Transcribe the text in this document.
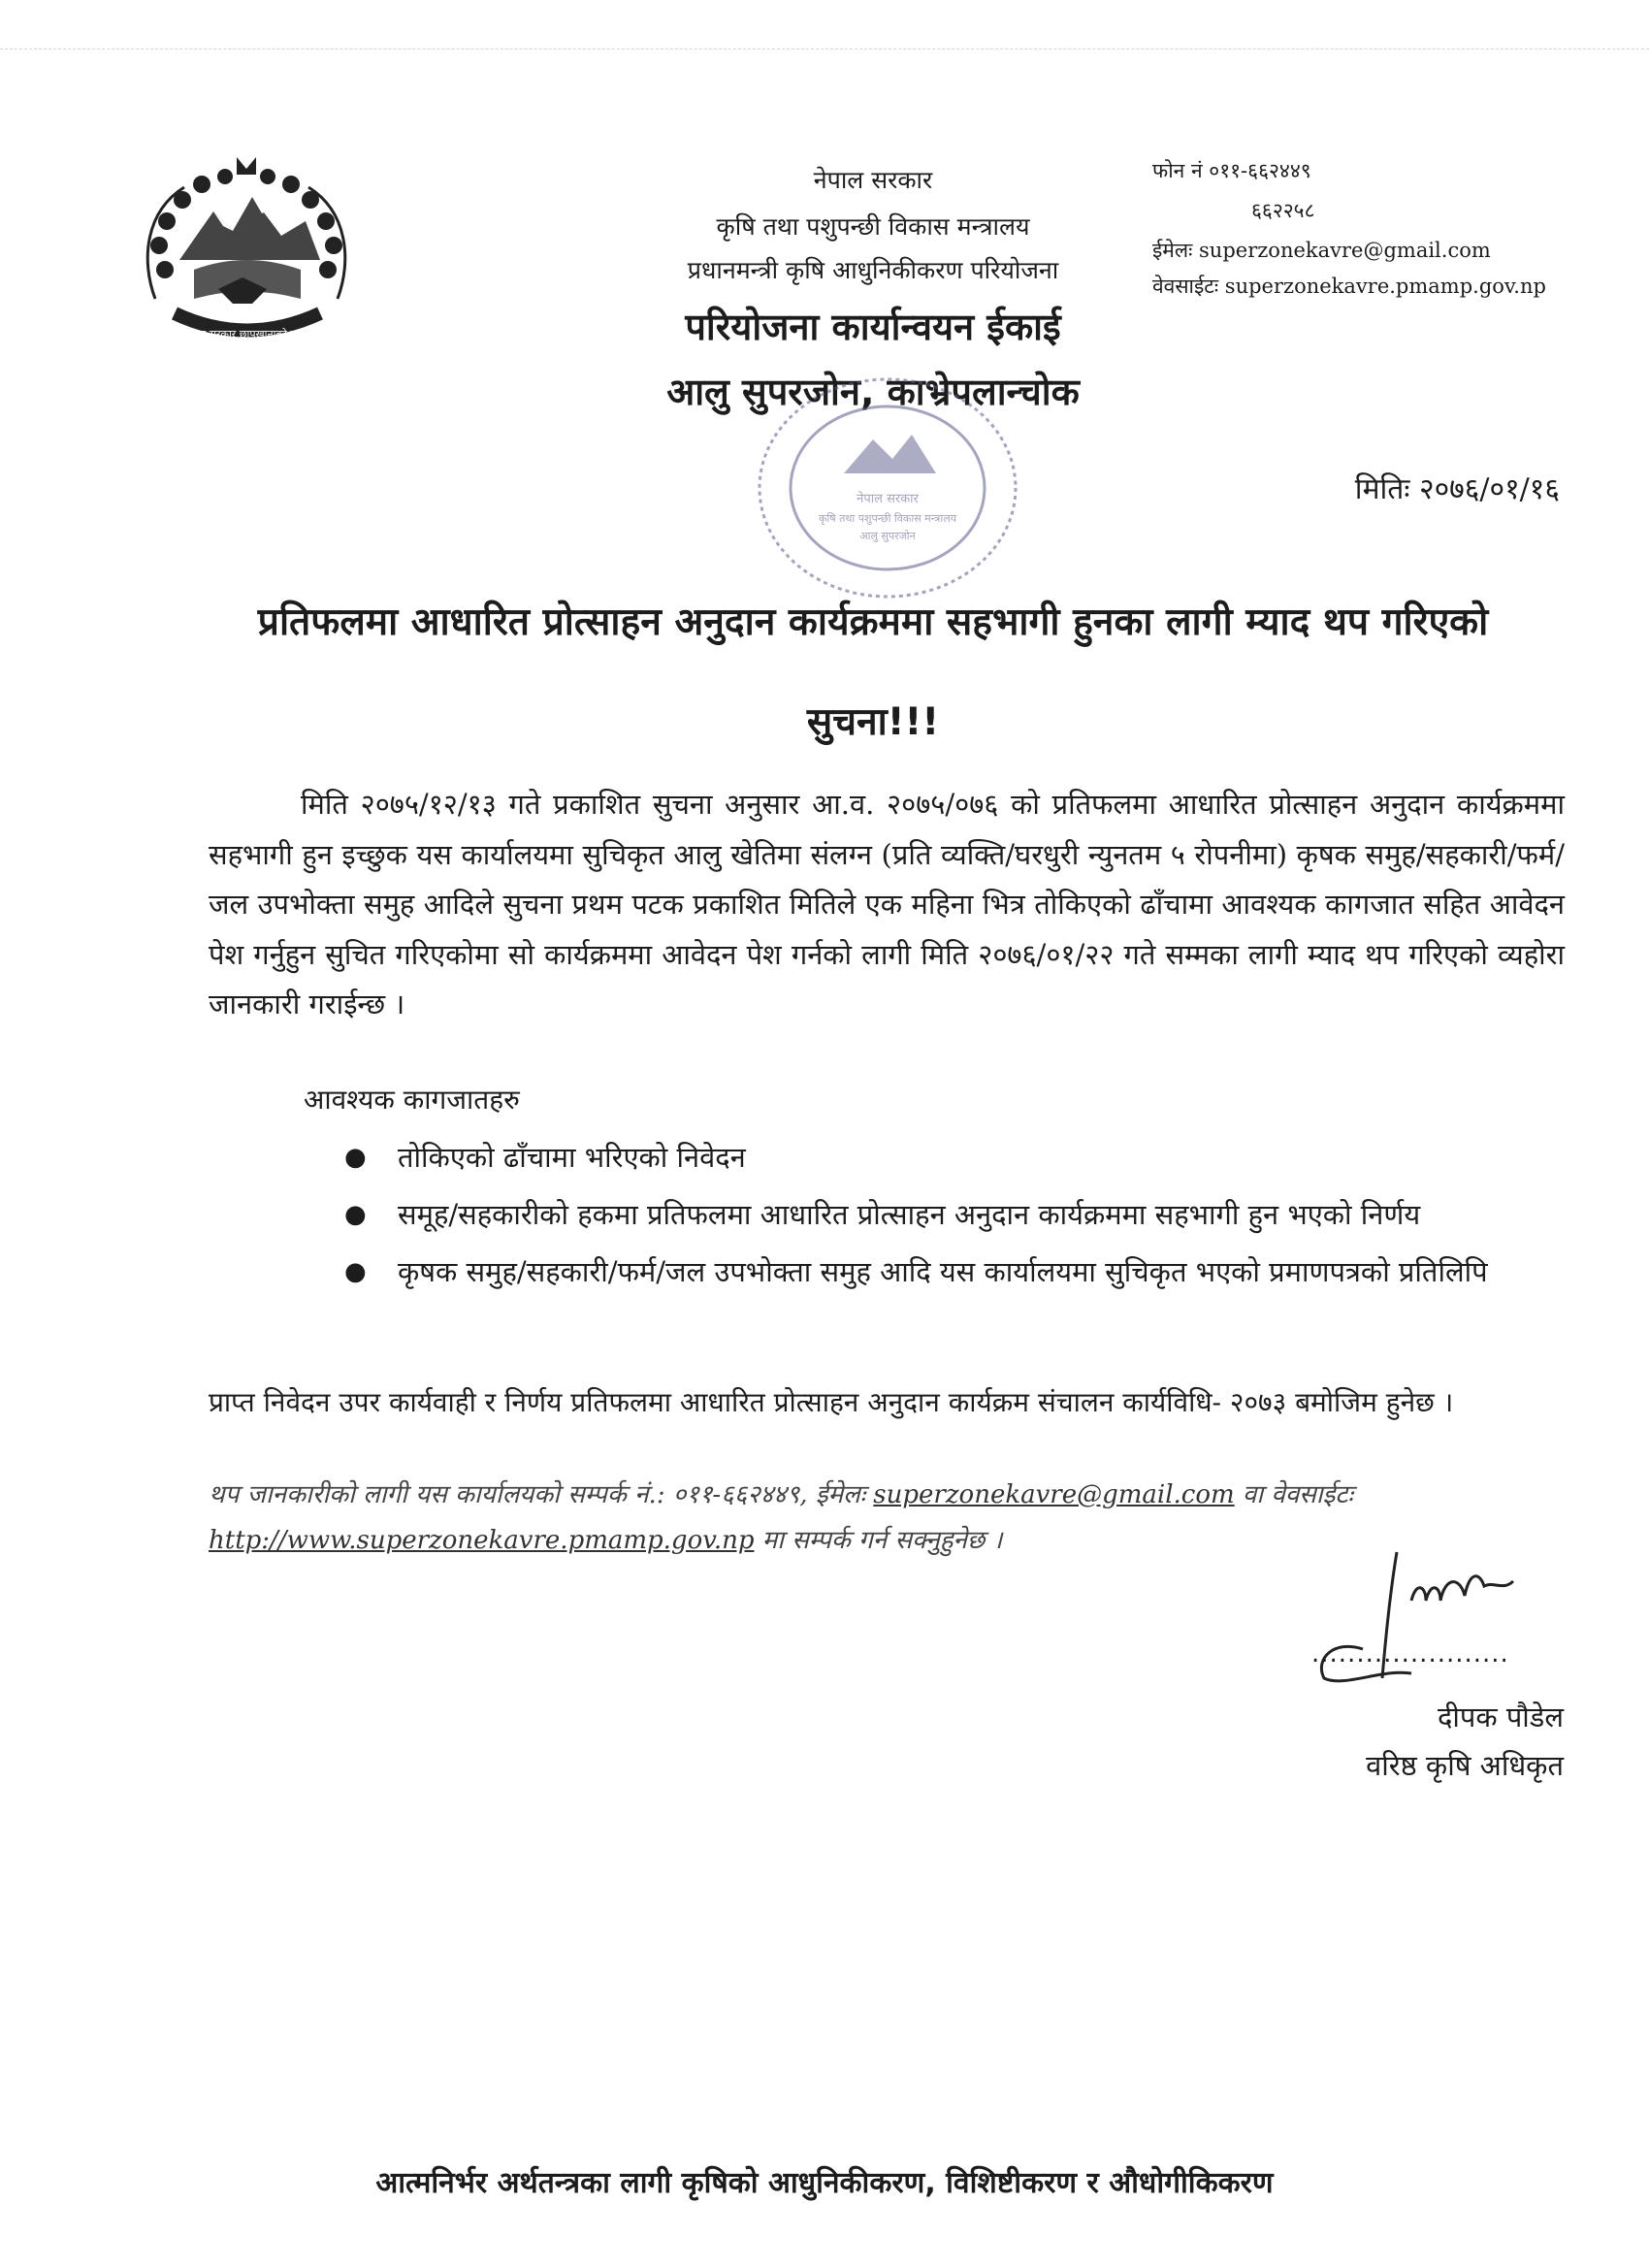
नेपाल सरकार छापखानाको लागि
नेपाल सरकार
कृषि तथा पशुपन्छी विकास मन्त्रालय
प्रधानमन्त्री कृषि आधुनिकीकरण परियोजना
परियोजना कार्यान्वयन ईकाई
आलु सुपरजोन, काभ्रेपलान्चोक
फोन नं ०११-६६२४४९
६६२२५८
ईमेलः superzonekavre@gmail.com
वेवसाईटः superzonekavre.pmamp.gov.np
नेपाल सरकार
कृषि तथा पशुपन्छी विकास मन्त्रालय
आलु सुपरजोन
मितिः २०७६/०१/१६
प्रतिफलमा आधारित प्रोत्साहन अनुदान कार्यक्रममा सहभागी हुनका लागी म्याद थप गरिएको
सुचना!!!
मिति २०७५/१२/१३ गते प्रकाशित सुचना अनुसार आ.व. २०७५/०७६ को प्रतिफलमा आधारित प्रोत्साहन अनुदान कार्यक्रममा सहभागी हुन इच्छुक यस कार्यालयमा सुचिकृत आलु खेतिमा संलग्न (प्रति व्यक्ति/घरधुरी न्युनतम ५ रोपनीमा) कृषक समुह/सहकारी/फर्म/जल उपभोक्ता समुह आदिले सुचना प्रथम पटक प्रकाशित मितिले एक महिना भित्र तोकिएको ढाँचामा आवश्यक कागजात सहित आवेदन पेश गर्नुहुन सुचित गरिएकोमा सो कार्यक्रममा आवेदन पेश गर्नको लागी मिति २०७६/०१/२२ गते सम्मका लागी म्याद थप गरिएको व्यहोरा जानकारी गराईन्छ ।
आवश्यक कागजातहरु
● तोकिएको ढाँचामा भरिएको निवेदन
● समूह/सहकारीको हकमा प्रतिफलमा आधारित प्रोत्साहन अनुदान कार्यक्रममा सहभागी हुन भएको निर्णय
● कृषक समुह/सहकारी/फर्म/जल उपभोक्ता समुह आदि यस कार्यालयमा सुचिकृत भएको प्रमाणपत्रको प्रतिलिपि
प्राप्त निवेदन उपर कार्यवाही र निर्णय प्रतिफलमा आधारित प्रोत्साहन अनुदान कार्यक्रम संचालन कार्यविधि- २०७३ बमोजिम हुनेछ ।
थप जानकारीको लागी यस कार्यालयको सम्पर्क नं.: ०११-६६२४४९, ईमेलः superzonekavre@gmail.com वा वेवसाईटः http://www.superzonekavre.pmamp.gov.np मा सम्पर्क गर्न सक्नुहुनेछ ।
......................
दीपक पौडेल
वरिष्ठ कृषि अधिकृत
आत्मनिर्भर अर्थतन्त्रका लागी कृषिको आधुनिकीकरण, विशिष्टीकरण र औधोगीकिकरण
